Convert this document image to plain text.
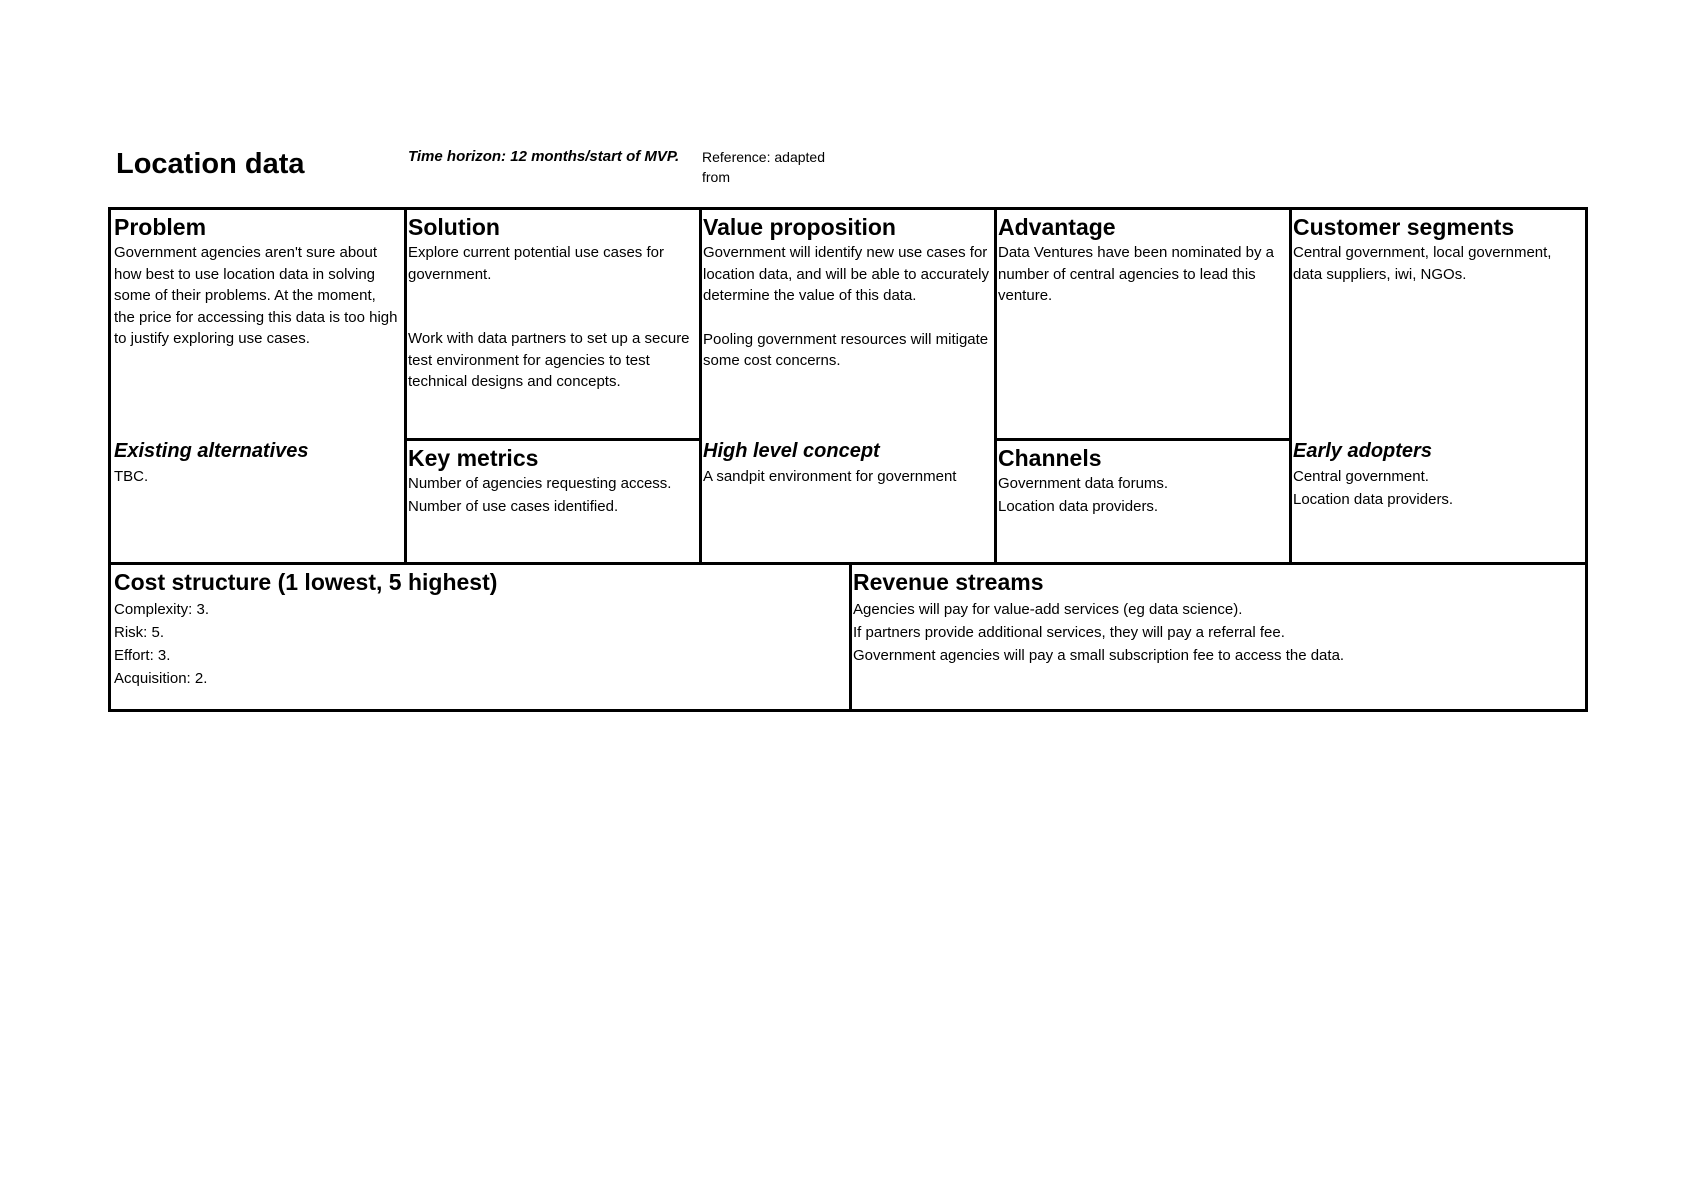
Location data	Time horizon: 12 months/start of MVP. Reference: adapted from
Problem
Government agencies aren't sure about how best to use location data in solving some of their problems. At the moment, the price for accessing this data is too high to justify exploring use cases.
Existing alternatives
TBC.
Solution
Explore current potential use cases for government.
Work with data partners to set up a secure test environment for agencies to test technical designs and concepts.
Key metrics
Number of agencies requesting access.
Number of use cases identified.
Value proposition
Government will identify new use cases for location data, and will be able to accurately determine the value of this data.
Pooling government resources will mitigate some cost concerns.
High level concept
A sandpit environment for government
Advantage
Data Ventures have been nominated by a number of central agencies to lead this venture.
Channels
Government data forums.
Location data providers.
Customer segments
Central government, local government, data suppliers, iwi, NGOs.
Early adopters
Central government.
Location data providers.
Cost structure (1 lowest, 5 highest)
Complexity: 3.
Risk: 5.
Effort: 3.
Acquisition: 2.
Revenue streams
Agencies will pay for value-add services (eg data science).
If partners provide additional services, they will pay a referral fee.
Government agencies will pay a small subscription fee to access the data.
